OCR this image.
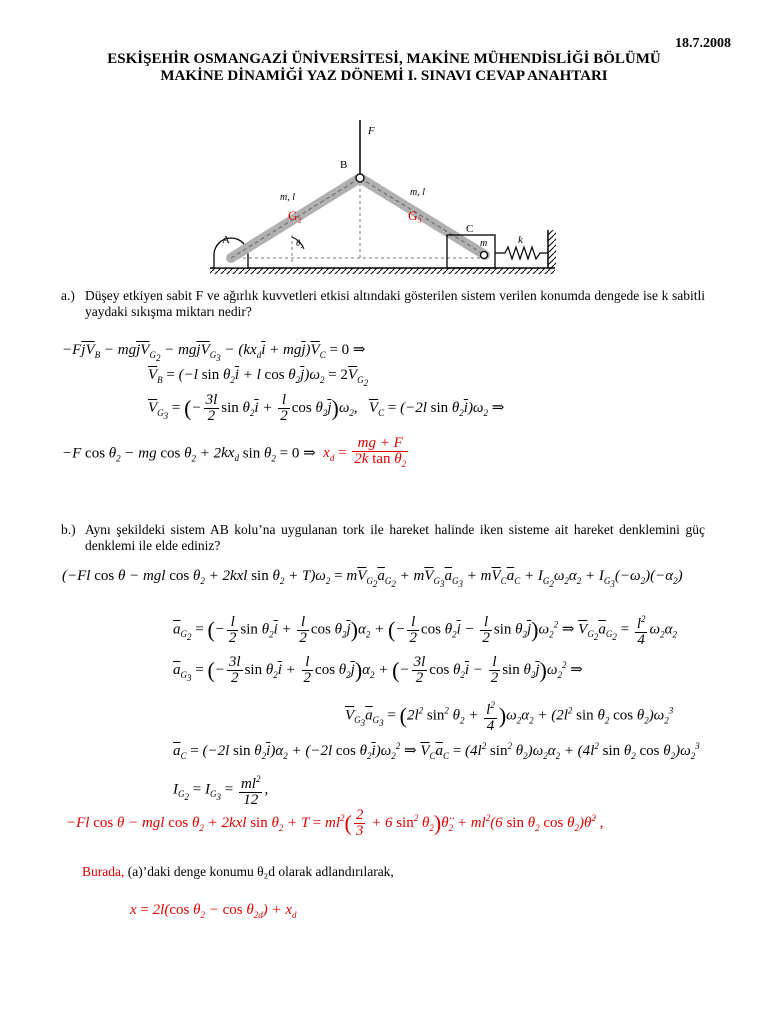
18.7.2008
ESKİŞEHİR OSMANGAZİ ÜNİVERSİTESİ, MAKİNE MÜHENDİSLİĞİ BÖLÜMÜ
MAKİNE DİNAMİĞİ YAZ DÖNEMİ I. SINAVI CEVAP ANAHTARI
F
B
A
C
m	k
m, l	m, l
G₂	G₃
θ₂
a.) Düşey etkiyen sabit F ve ağırlık kuvvetleri etkisi altındaki gösterilen sistem verilen konumda dengede ise k sabitli yaydaki sıkışma miktarı nedir?
$-F\overline{j}\overline{V}_B - mg\overline{j}\overline{V}_{G_2} - mg\overline{j}\overline{V}_{G_3} - (kx_d\overline{i} + mg\overline{j})\overline{V}_C = 0$ ⇒
$\overline{V}_B = (-l$ $\sin \theta_2\overline{i} + l$ $\cos \theta_2\overline{j})\omega_2 = 2\overline{V}_{G_2}$
$\overline{V}_{G_3}$ = (− $\frac{3l}{2}$ $\sin \theta_2\overline{i} + \frac{l}{2}$ $\cos \theta_2\overline{j})\omega_2$,   $\overline{V}_C = (-2l$ $\sin \theta_2\overline{i})\omega_2$ ⇒
−F $\cos \theta_2$ − mg $\cos \theta_2 + 2kx_d$ $\sin \theta_2 = 0$ ⇒ $x_d = \frac{mg + F}{2k \tan \theta_2}$
b.) Aynı şekildeki sistem AB kolu’na uygulanan tork ile hareket halinde iken sisteme ait hareket denklemini güç denklemi ile elde ediniz?
(−Fl cos θ − mgl $\cos \theta_2 + 2kxl$ $\sin \theta_2 + T)\omega_2 = m\overline{V}_{G_2}\overline{a}_{G_2} + m\overline{V}_{G_3}\overline{a}_{G_3} + m\overline{V}_C\overline{a}_C + I_{G_2}\omega_2\alpha_2 + I_{G_3}(-\omega_2)(-\alpha_2)$
$\overline{a}_{G_2}$ = (− $\frac{l}{2}$ $\sin \theta_2\overline{i} + \frac{l}{2}$ $\cos \theta_2\overline{j})\alpha_2$ + (− $\frac{l}{2}$ $\cos \theta_2\overline{i} - \frac{l}{2}$ $\sin \theta_2\overline{j})\omega_2^2$ ⇒ $\overline{V}_{G_2}\overline{a}_{G_2} = \frac{l^2}{4} \omega_2\alpha_2$
$\overline{a}_{G_3}$ = (− $\frac{3l}{2}$ $\sin \theta_2\overline{i} + \frac{l}{2}$ $\cos \theta_2\overline{j})\alpha_2$ + (− $\frac{3l}{2}$ $\cos \theta_2\overline{i} - \frac{l}{2}$ $\sin \theta_2\overline{j})\omega_2^2$ ⇒
$\overline{V}_{G_3}\overline{a}_{G_3} = (2l^2$ $\sin^2 \theta_2 + \frac{l^2}{4} )\omega_2\alpha_2 + (2l^2$ $\sin \theta_2$ $\cos \theta_2)\omega_2^3$
$\overline{a}_C = (-2l$ $\sin \theta_2\overline{i})\alpha_2 + (-2l$ $\cos \theta_2\overline{i})\omega_2^2$ ⇒ $\overline{V}_C\overline{a}_C = (4l^2$ $\sin^2 \theta_2)\omega_2\alpha_2 + (4l^2$ $\sin \theta_2$ $\cos \theta_2)\omega_2^3$
$I_{G_2} = I_{G_3} = \frac{ml^2}{12}$ ,
−Fl cos θ − mgl $\cos \theta_2 + 2kxl$ $\sin \theta_2 + T = ml^2( \frac{2}{3} + 6$ $\sin^2$ $\theta_2)\thetä_2 + ml^2(6$ $\sin \theta_2$ $\cos \theta_2)\thetȧ^2$ ,
Burada, (a)’daki denge konumu θ₂d olarak adlandırılarak,
x = 2l(cos $\theta_2 - \cos \theta_{2d}) + x_d$
